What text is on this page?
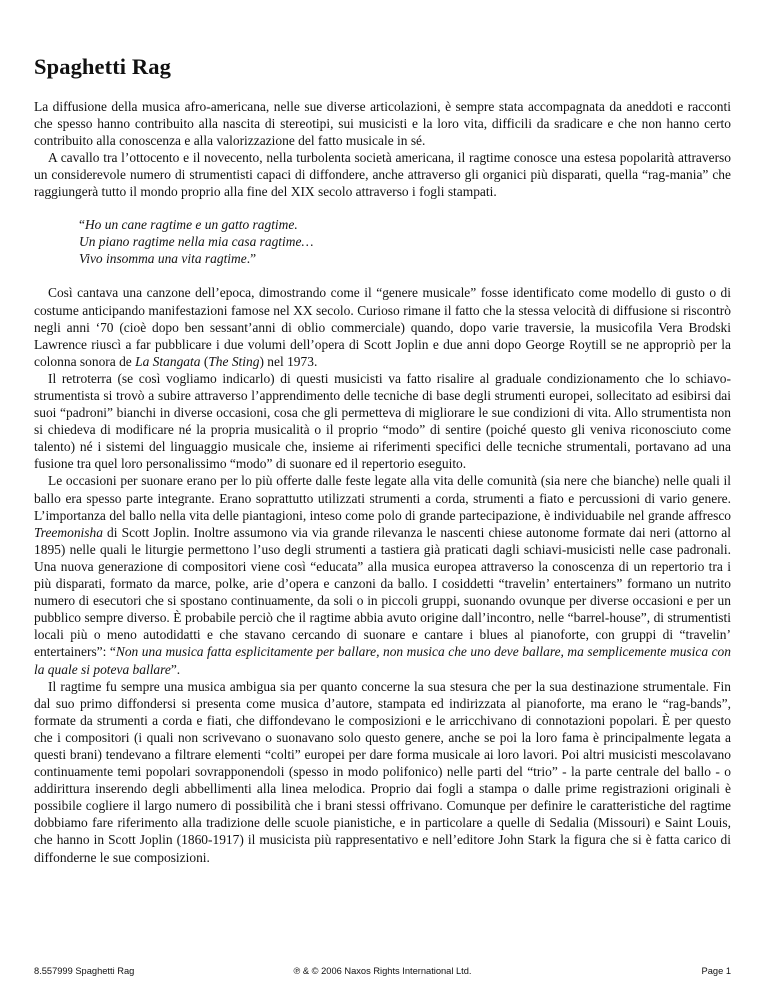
Spaghetti Rag

La diffusione della musica afro-americana, nelle sue diverse articolazioni, è sempre stata accompagnata da aneddoti e racconti che spesso hanno contribuito alla nascita di stereotipi, sui musicisti e la loro vita, difficili da sradicare e che non hanno certo contribuito alla conoscenza e alla valorizzazione del fatto musicale in sé.

A cavallo tra l’ottocento e il novecento, nella turbolenta società americana, il ragtime conosce una estesa popolarità attraverso un considerevole numero di strumentisti capaci di diffondere, anche attraverso gli organici più disparati, quella “rag-mania” che raggiungerà tutto il mondo proprio alla fine del XIX secolo attraverso i fogli stampati.

“Ho un cane ragtime e un gatto ragtime.
Un piano ragtime nella mia casa ragtime…
Vivo insomma una vita ragtime.”

Così cantava una canzone dell’epoca, dimostrando come il “genere musicale” fosse identificato come modello di gusto o di costume anticipando manifestazioni famose nel XX secolo. Curioso rimane il fatto che la stessa velocità di diffusione si riscontrò negli anni ‘70 (cioè dopo ben sessant’anni di oblio commerciale) quando, dopo varie traversie, la musicofila Vera Brodski Lawrence riuscì a far pubblicare i due volumi dell’opera di Scott Joplin e due anni dopo George Roytill se ne appropriò per la colonna sonora de La Stangata (The Sting) nel 1973.

Il retroterra (se così vogliamo indicarlo) di questi musicisti va fatto risalire al graduale condizionamento che lo schiavo-strumentista si trovò a subire attraverso l’apprendimento delle tecniche di base degli strumenti europei, sollecitato ad esibirsi dai suoi “padroni” bianchi in diverse occasioni, cosa che gli permetteva di migliorare le sue condizioni di vita. Allo strumentista non si chiedeva di modificare né la propria musicalità o il proprio “modo” di sentire (poiché questo gli veniva riconosciuto come talento) né i sistemi del linguaggio musicale che, insieme ai riferimenti specifici delle tecniche strumentali, portavano ad una fusione tra quel loro personalissimo “modo” di suonare ed il repertorio eseguito.

Le occasioni per suonare erano per lo più offerte dalle feste legate alla vita delle comunità (sia nere che bianche) nelle quali il ballo era spesso parte integrante. Erano soprattutto utilizzati strumenti a corda, strumenti a fiato e percussioni di vario genere. L’importanza del ballo nella vita delle piantagioni, inteso come polo di grande partecipazione, è individuabile nel grande affresco Treemonisha di Scott Joplin. Inoltre assumono via via grande rilevanza le nascenti chiese autonome formate dai neri (attorno al 1895) nelle quali le liturgie permettono l’uso degli strumenti a tastiera già praticati dagli schiavi-musicisti nelle case padronali. Una nuova generazione di compositori viene così “educata” alla musica europea attraverso la conoscenza di un repertorio tra i più disparati, formato da marce, polke, arie d’opera e canzoni da ballo. I cosiddetti “travelin’ entertainers” formano un nutrito numero di esecutori che si spostano continuamente, da soli o in piccoli gruppi, suonando ovunque per diverse occasioni e per un pubblico sempre diverso. È probabile perciò che il ragtime abbia avuto origine dall’incontro, nelle “barrel-house”, di strumentisti locali più o meno autodidatti e che stavano cercando di suonare e cantare i blues al pianoforte, con gruppi di “travelin’ entertainers”: “Non una musica fatta esplicitamente per ballare, non musica che uno deve ballare, ma semplicemente musica con la quale si poteva ballare”.

Il ragtime fu sempre una musica ambigua sia per quanto concerne la sua stesura che per la sua destinazione strumentale. Fin dal suo primo diffondersi si presenta come musica d’autore, stampata ed indirizzata al pianoforte, ma erano le “rag-bands”, formate da strumenti a corda e fiati, che diffondevano le composizioni e le arricchivano di connotazioni popolari. È per questo che i compositori (i quali non scrivevano o suonavano solo questo genere, anche se poi la loro fama è principalmente legata a questi brani) tendevano a filtrare elementi “colti” europei per dare forma musicale ai loro lavori. Poi altri musicisti mescolavano continuamente temi popolari sovrapponendoli (spesso in modo polifonico) nelle parti del “trio” - la parte centrale del ballo - o addirittura inserendo degli abbellimenti alla linea melodica. Proprio dai fogli a stampa o dalle prime registrazioni originali è possibile cogliere il largo numero di possibilità che i brani stessi offrivano. Comunque per definire le caratteristiche del ragtime dobbiamo fare riferimento alla tradizione delle scuole pianistiche, e in particolare a quelle di Sedalia (Missouri) e Saint Louis, che hanno in Scott Joplin (1860-1917) il musicista più rappresentativo e nell’editore John Stark la figura che si è fatta carico di diffonderne le sue composizioni.

8.557999 Spaghetti Rag	℗ & © 2006 Naxos Rights International Ltd.	Page 1
